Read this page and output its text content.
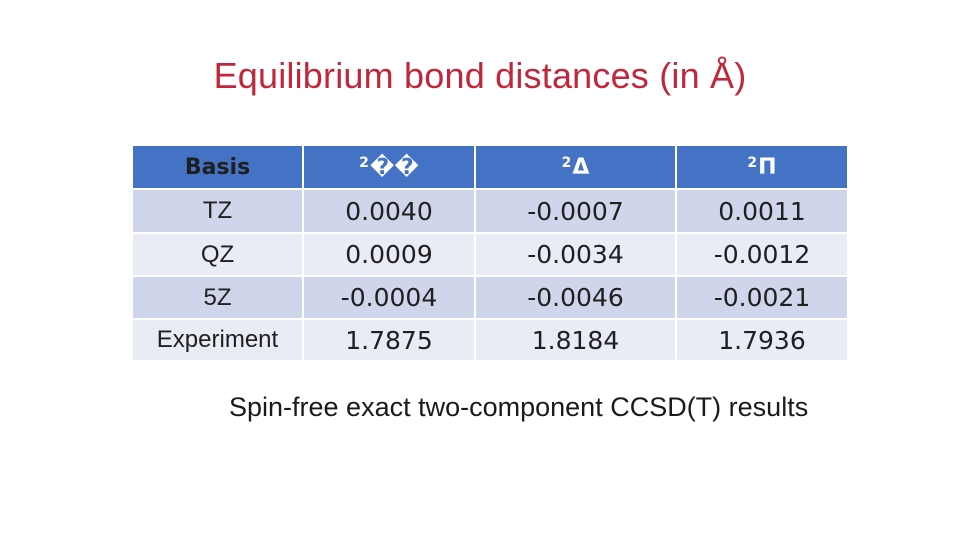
Equilibrium bond distances (in Å)
Basis	2 ��	2 Δ	2 Π
TZ	0.0040	-0.0007	0.0011
QZ	0.0009	-0.0034	-0.0012
5Z	-0.0004	-0.0046	-0.0021
Experiment	1.7875	1.8184	1.7936
Spin-free exact two-component CCSD(T) results
